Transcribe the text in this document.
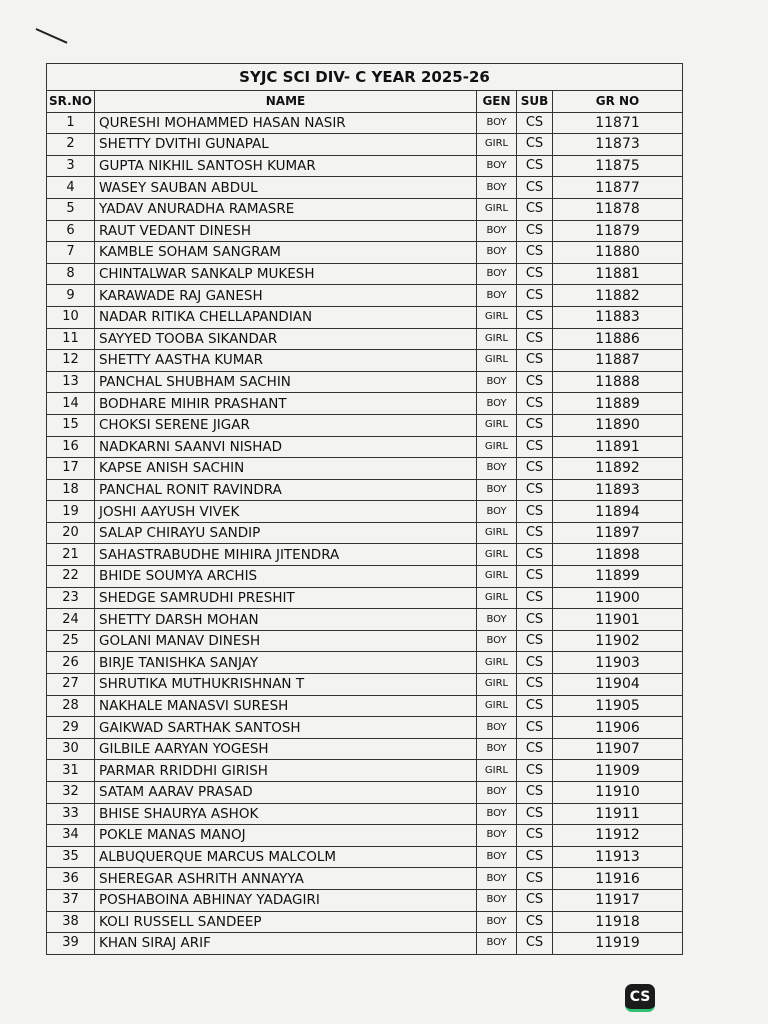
SYJC SCI DIV- C YEAR 2025-26				
SR.NO	NAME	GEN	SUB	GR NO
1	QURESHI MOHAMMED HASAN NASIR	BOY	CS	11871
2	SHETTY DVITHI GUNAPAL	GIRL	CS	11873
3	GUPTA NIKHIL SANTOSH KUMAR	BOY	CS	11875
4	WASEY SAUBAN ABDUL	BOY	CS	11877
5	YADAV ANURADHA RAMASRE	GIRL	CS	11878
6	RAUT VEDANT DINESH	BOY	CS	11879
7	KAMBLE SOHAM SANGRAM	BOY	CS	11880
8	CHINTALWAR SANKALP MUKESH	BOY	CS	11881
9	KARAWADE RAJ GANESH	BOY	CS	11882
10	NADAR RITIKA CHELLAPANDIAN	GIRL	CS	11883
11	SAYYED TOOBA SIKANDAR	GIRL	CS	11886
12	SHETTY AASTHA KUMAR	GIRL	CS	11887
13	PANCHAL SHUBHAM SACHIN	BOY	CS	11888
14	BODHARE MIHIR PRASHANT	BOY	CS	11889
15	CHOKSI SERENE JIGAR	GIRL	CS	11890
16	NADKARNI SAANVI NISHAD	GIRL	CS	11891
17	KAPSE ANISH SACHIN	BOY	CS	11892
18	PANCHAL RONIT RAVINDRA	BOY	CS	11893
19	JOSHI AAYUSH VIVEK	BOY	CS	11894
20	SALAP CHIRAYU SANDIP	GIRL	CS	11897
21	SAHASTRABUDHE MIHIRA JITENDRA	GIRL	CS	11898
22	BHIDE SOUMYA ARCHIS	GIRL	CS	11899
23	SHEDGE SAMRUDHI PRESHIT	GIRL	CS	11900
24	SHETTY DARSH MOHAN	BOY	CS	11901
25	GOLANI MANAV DINESH	BOY	CS	11902
26	BIRJE TANISHKA SANJAY	GIRL	CS	11903
27	SHRUTIKA MUTHUKRISHNAN T	GIRL	CS	11904
28	NAKHALE MANASVI SURESH	GIRL	CS	11905
29	GAIKWAD SARTHAK SANTOSH	BOY	CS	11906
30	GILBILE AARYAN YOGESH	BOY	CS	11907
31	PARMAR RRIDDHI GIRISH	GIRL	CS	11909
32	SATAM AARAV PRASAD	BOY	CS	11910
33	BHISE SHAURYA ASHOK	BOY	CS	11911
34	POKLE MANAS MANOJ	BOY	CS	11912
35	ALBUQUERQUE MARCUS MALCOLM	BOY	CS	11913
36	SHEREGAR ASHRITH ANNAYYA	BOY	CS	11916
37	POSHABOINA ABHINAY YADAGIRI	BOY	CS	11917
38	KOLI RUSSELL SANDEEP	BOY	CS	11918
39	KHAN SIRAJ ARIF	BOY	CS	11919
CS
